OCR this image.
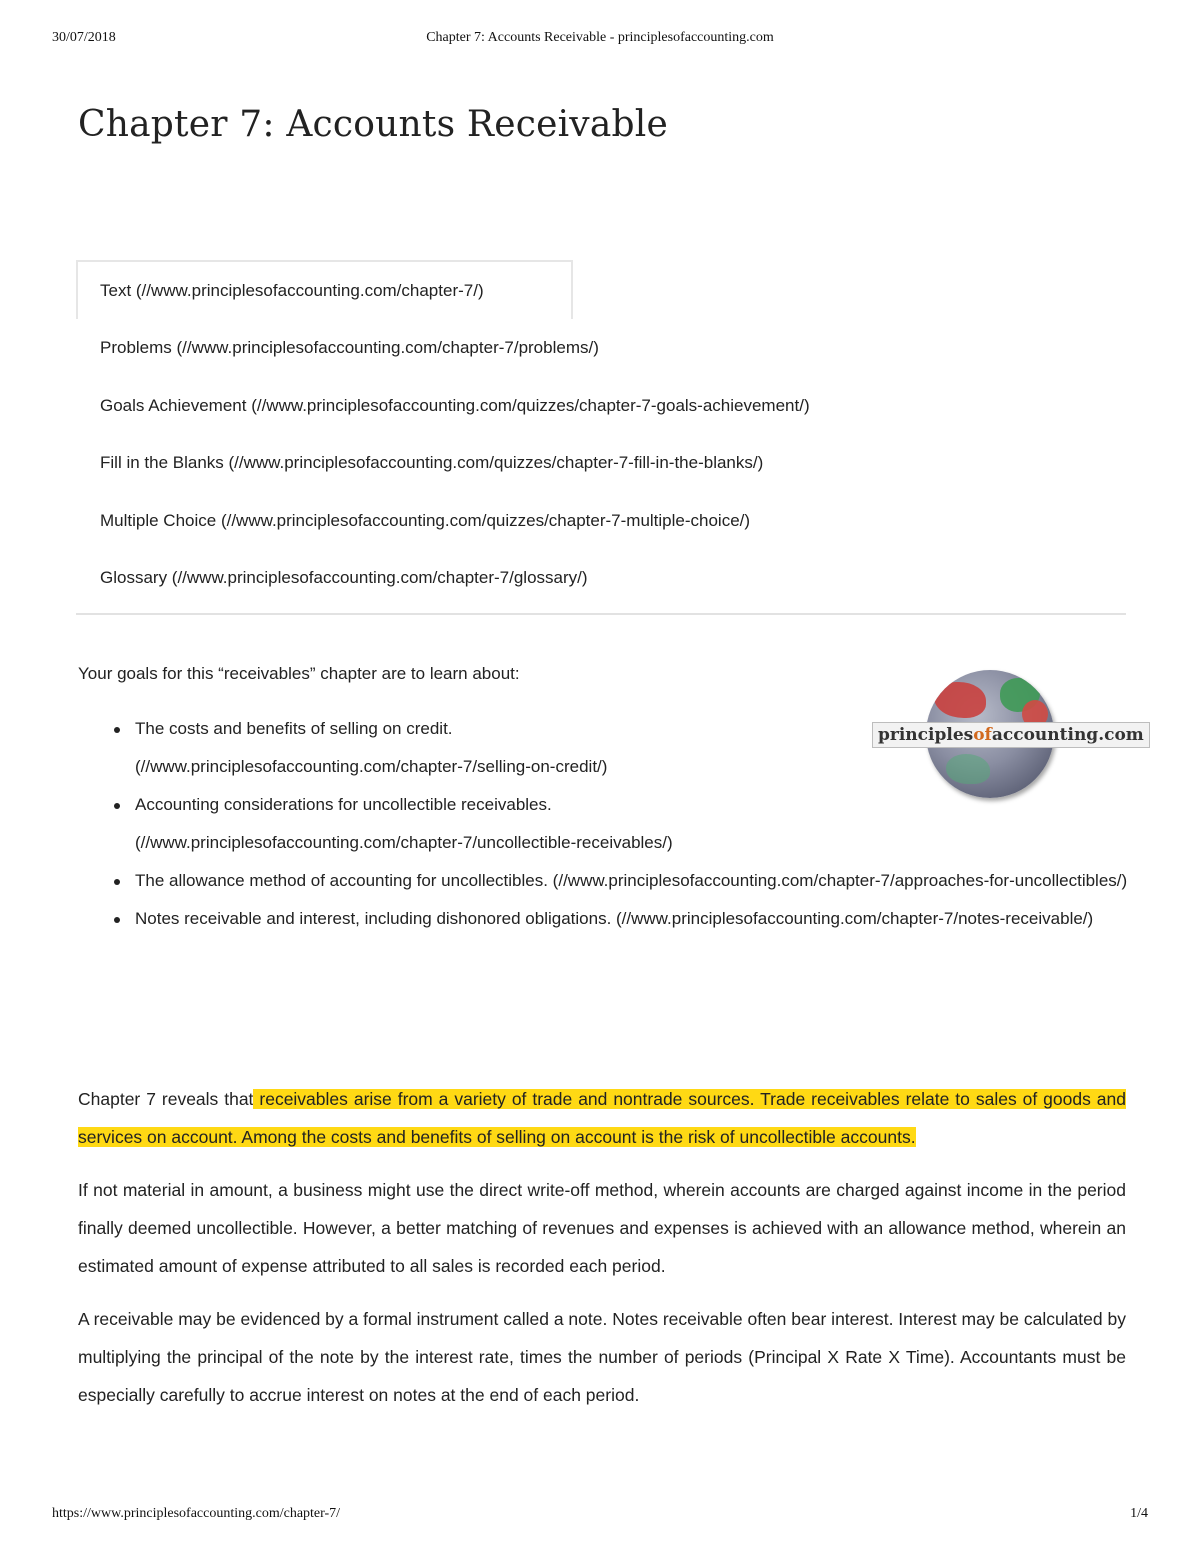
30/07/2018	Chapter 7: Accounts Receivable - principlesofaccounting.com
Chapter 7: Accounts Receivable
Text (//www.principlesofaccounting.com/chapter-7/)
Problems (//www.principlesofaccounting.com/chapter-7/problems/)
Goals Achievement (//www.principlesofaccounting.com/quizzes/chapter-7-goals-achievement/)
Fill in the Blanks (//www.principlesofaccounting.com/quizzes/chapter-7-fill-in-the-blanks/)
Multiple Choice (//www.principlesofaccounting.com/quizzes/chapter-7-multiple-choice/)
Glossary (//www.principlesofaccounting.com/chapter-7/glossary/)
Your goals for this “receivables” chapter are to learn about:
principlesofaccounting.com
The costs and benefits of selling on credit. (//www.principlesofaccounting.com/chapter-7/selling-on-credit/)
Accounting considerations for uncollectible receivables. (//www.principlesofaccounting.com/chapter-7/uncollectible-receivables/)
The allowance method of accounting for uncollectibles. (//www.principlesofaccounting.com/chapter-7/approaches-for-uncollectibles/)
Notes receivable and interest, including dishonored obligations. (//www.principlesofaccounting.com/chapter-7/notes-receivable/)

Chapter 7 reveals that receivables arise from a variety of trade and nontrade sources. Trade receivables relate to sales of goods and services on account. Among the costs and benefits of selling on account is the risk of uncollectible accounts.

If not material in amount, a business might use the direct write-off method, wherein accounts are charged against income in the period finally deemed uncollectible. However, a better matching of revenues and expenses is achieved with an allowance method, wherein an estimated amount of expense attributed to all sales is recorded each period.

A receivable may be evidenced by a formal instrument called a note. Notes receivable often bear interest. Interest may be calculated by multiplying the principal of the note by the interest rate, times the number of periods (Principal X Rate X Time). Accountants must be especially carefully to accrue interest on notes at the end of each period.

https://www.principlesofaccounting.com/chapter-7/	1/4
